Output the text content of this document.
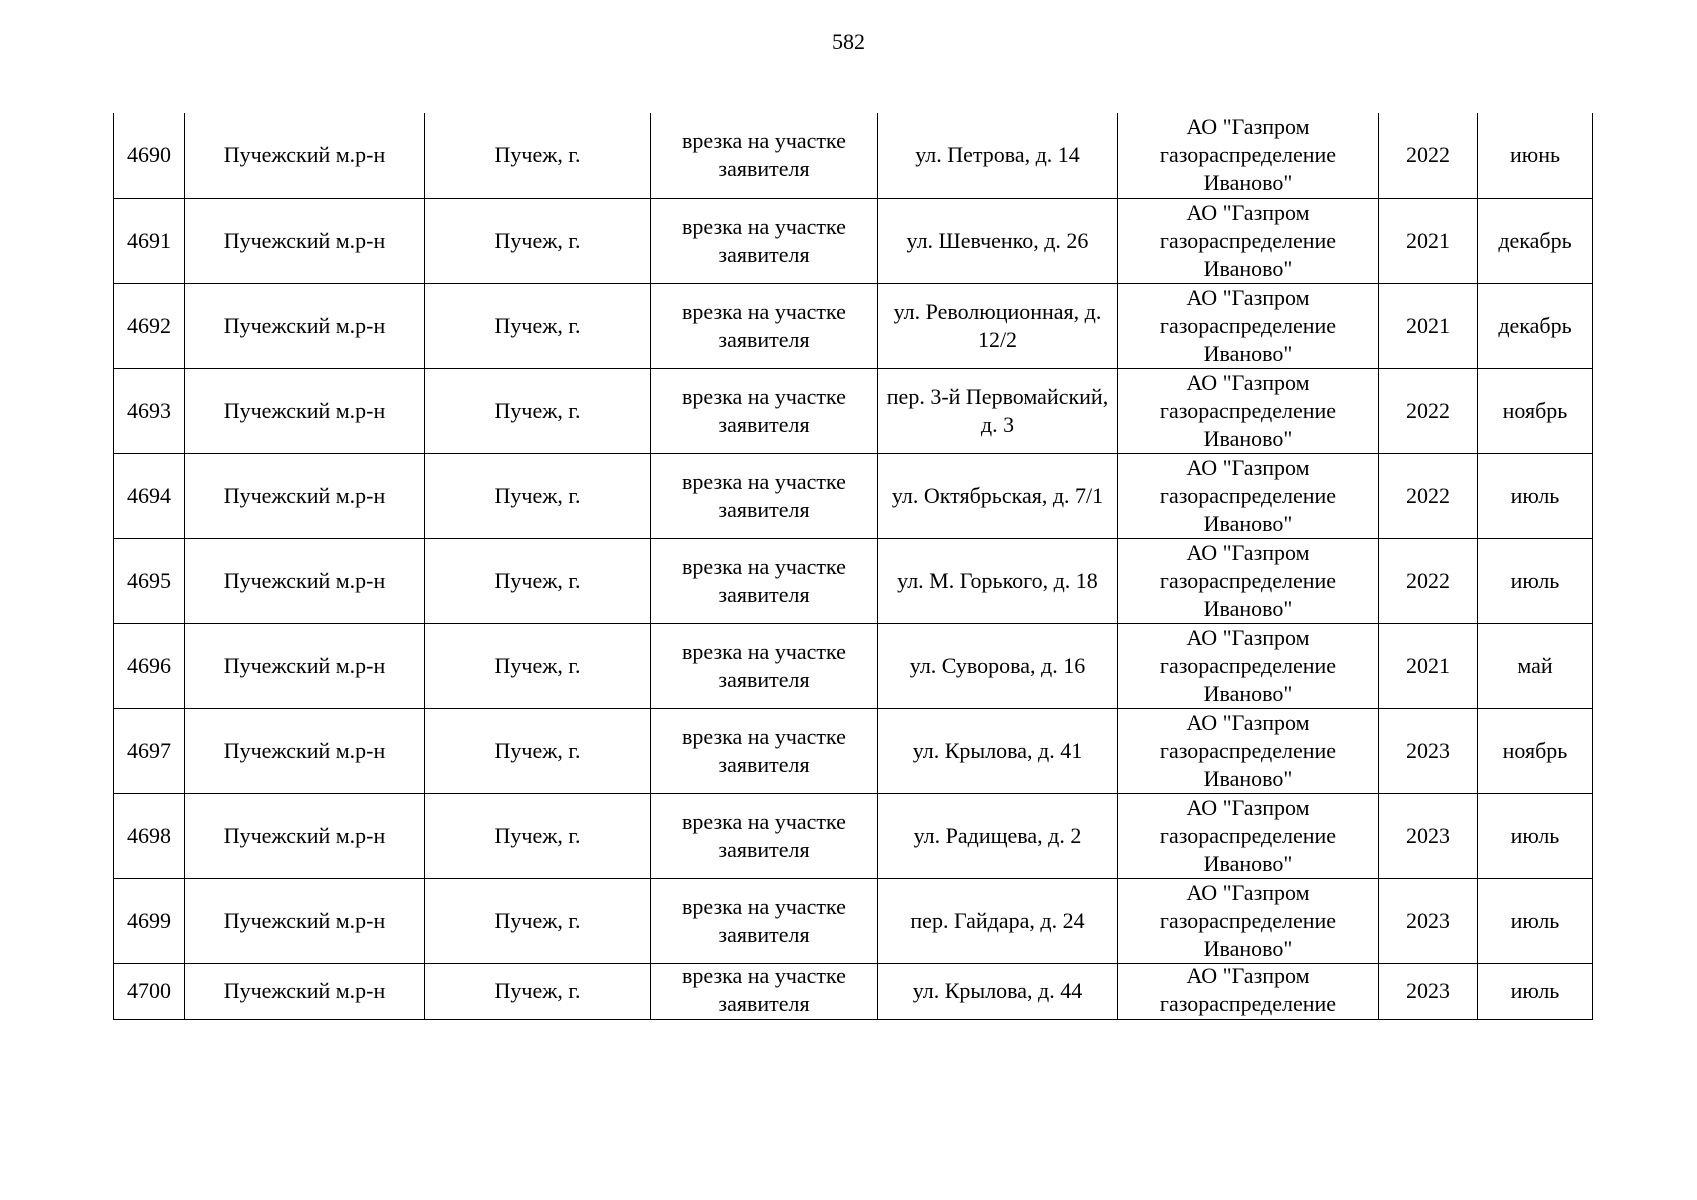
582
4690	Пучежский м.р-н	Пучеж, г.	врезка на участке заявителя	ул. Петрова, д. 14	АО "Газпром газораспределение Иваново"	2022	июнь

4691	Пучежский м.р-н	Пучеж, г.	врезка на участке заявителя	ул. Шевченко, д. 26	АО "Газпром газораспределение Иваново"	2021	декабрь

4692	Пучежский м.р-н	Пучеж, г.	врезка на участке заявителя	ул. Революционная, д. 12/2	АО "Газпром газораспределение Иваново"	2021	декабрь

4693	Пучежский м.р-н	Пучеж, г.	врезка на участке заявителя	пер. 3-й Первомайский, д. 3	АО "Газпром газораспределение Иваново"	2022	ноябрь

4694	Пучежский м.р-н	Пучеж, г.	врезка на участке заявителя	ул. Октябрьская, д. 7/1	АО "Газпром газораспределение Иваново"	2022	июль

4695	Пучежский м.р-н	Пучеж, г.	врезка на участке заявителя	ул. М. Горького, д. 18	АО "Газпром газораспределение Иваново"	2022	июль

4696	Пучежский м.р-н	Пучеж, г.	врезка на участке заявителя	ул. Суворова, д. 16	АО "Газпром газораспределение Иваново"	2021	май

4697	Пучежский м.р-н	Пучеж, г.	врезка на участке заявителя	ул. Крылова, д. 41	АО "Газпром газораспределение Иваново"	2023	ноябрь

4698	Пучежский м.р-н	Пучеж, г.	врезка на участке заявителя	ул. Радищева, д. 2	АО "Газпром газораспределение Иваново"	2023	июль

4699	Пучежский м.р-н	Пучеж, г.	врезка на участке заявителя	пер. Гайдара, д. 24	АО "Газпром газораспределение Иваново"	2023	июль

4700	Пучежский м.р-н	Пучеж, г.	врезка на участке заявителя	ул. Крылова, д. 44	АО "Газпром газораспределение	2023	июль
